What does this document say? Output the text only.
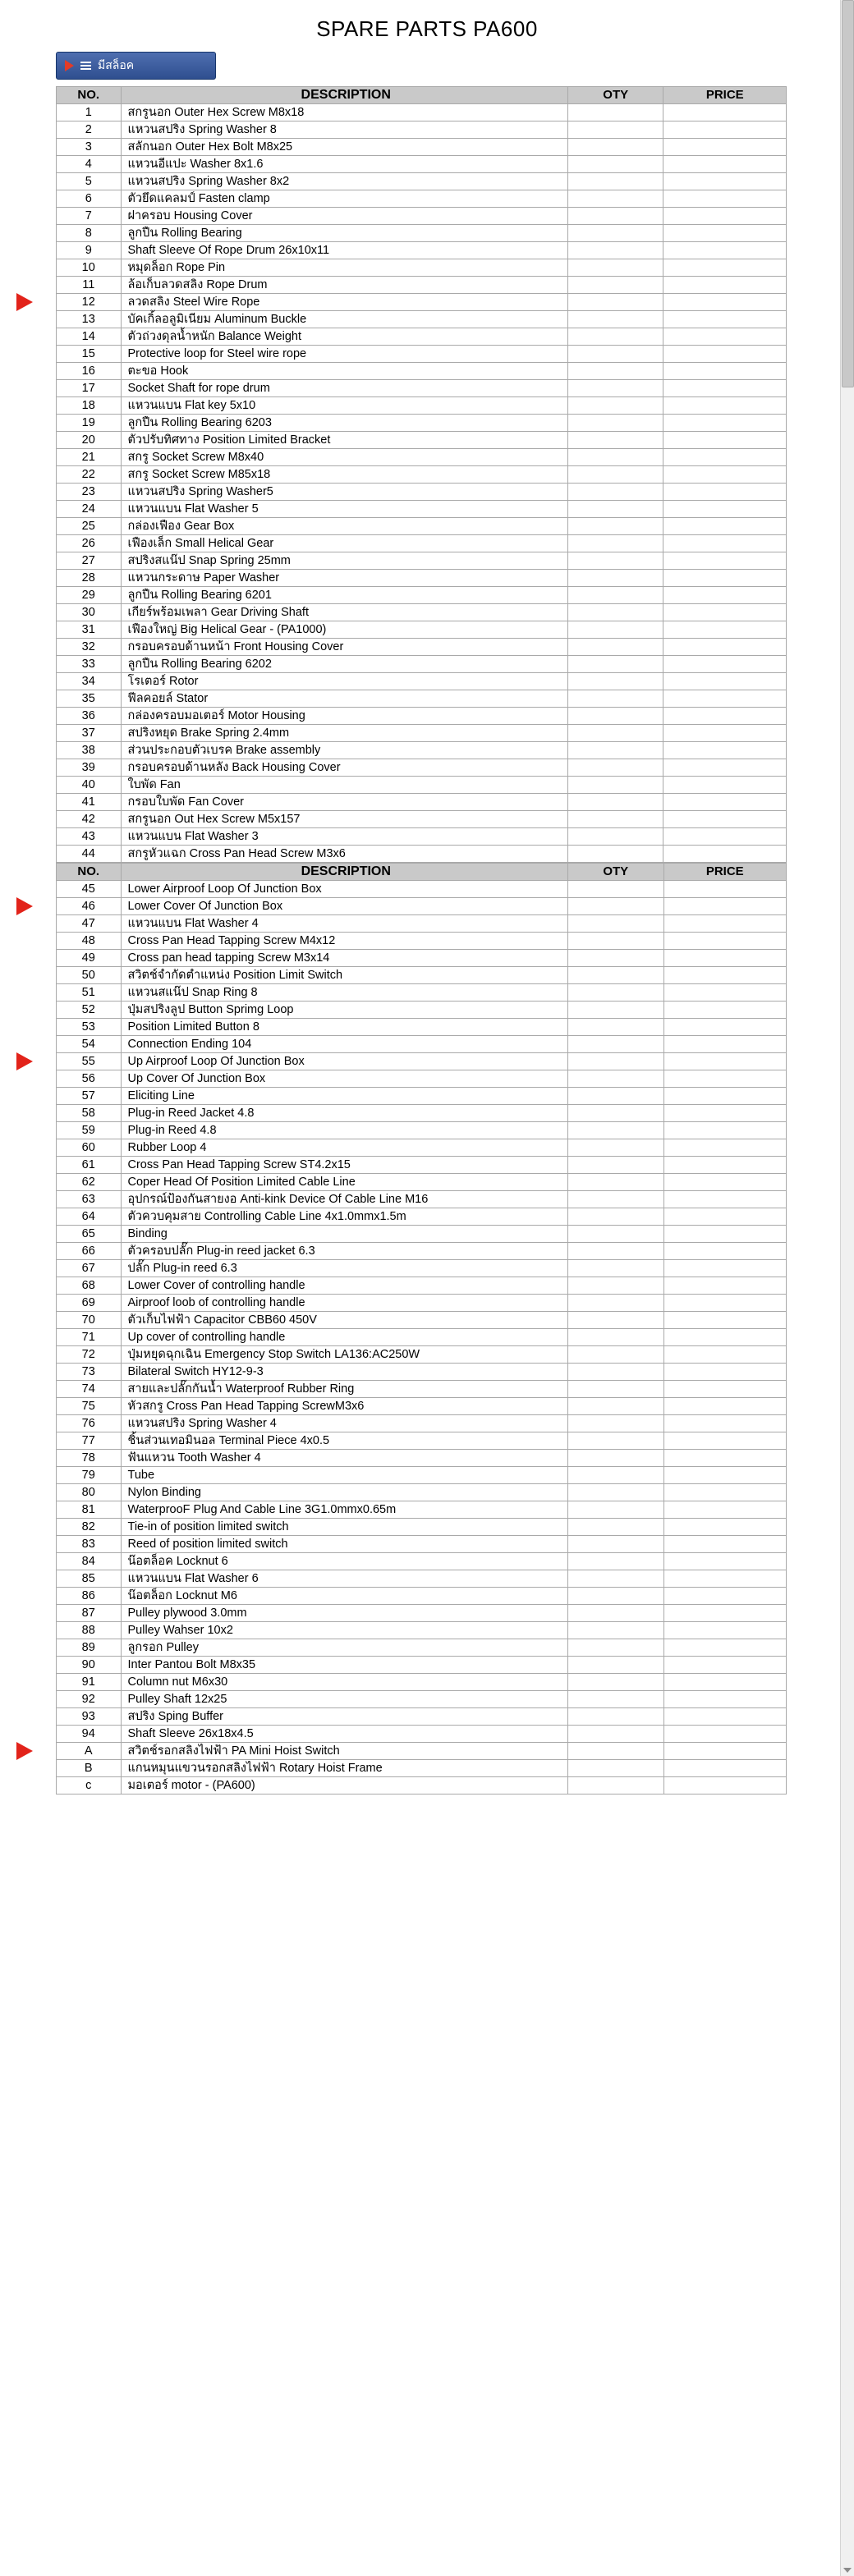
SPARE PARTS PA600
มีสล็อค
NO.	DESCRIPTION	OTY	PRICE
1	สกรูนอก Outer Hex Screw M8x18		
2	แหวนสปริง Spring Washer 8		
3	สลักนอก Outer Hex Bolt M8x25		
4	แหวนอีแปะ Washer 8x1.6		
5	แหวนสปริง Spring Washer 8x2		
6	ตัวยึดแคลมป์ Fasten clamp		
7	ฝาครอบ Housing Cover		
8	ลูกปืน Rolling Bearing		
9	Shaft Sleeve Of Rope Drum 26x10x11		
10	หมุดล็อก Rope Pin		
11	ล้อเก็บลวดสลิง Rope Drum		
12	ลวดสลิง Steel Wire Rope		
13	บัคเกิ้ลอลูมิเนียม Aluminum Buckle		
14	ตัวถ่วงดุลน้ำหนัก Balance Weight		
15	Protective loop for Steel wire rope		
16	ตะขอ Hook		
17	Socket Shaft for rope drum		
18	แหวนแบน Flat key 5x10		
19	ลูกปืน Rolling Bearing 6203		
20	ตัวปรับทิศทาง Position Limited Bracket		
21	สกรู Socket Screw M8x40		
22	สกรู Socket Screw M85x18		
23	แหวนสปริง Spring Washer5		
24	แหวนแบน Flat Washer 5		
25	กล่องเฟือง Gear Box		
26	เฟืองเล็ก Small Helical Gear		
27	สปริงสแน๊ป Snap Spring 25mm		
28	แหวนกระดาษ Paper Washer		
29	ลูกปืน Rolling Bearing 6201		
30	เกียร์พร้อมเพลา Gear Driving Shaft		
31	เฟืองใหญ่ Big Helical Gear - (PA1000)		
32	กรอบครอบด้านหน้า Front Housing Cover		
33	ลูกปืน Rolling Bearing 6202		
34	โรเตอร์ Rotor		
35	ฟีลคอยล์ Stator		
36	กล่องครอบมอเตอร์ Motor Housing		
37	สปริงหยุด Brake Spring 2.4mm		
38	ส่วนประกอบตัวเบรค Brake assembly		
39	กรอบครอบด้านหลัง Back Housing Cover		
40	ใบพัด Fan		
41	กรอบใบพัด Fan Cover		
42	สกรูนอก Out Hex Screw M5x157		
43	แหวนแบน Flat Washer 3		
44	สกรูหัวแฉก Cross Pan Head Screw M3x6		
NO.	DESCRIPTION	OTY	PRICE
45	Lower Airproof Loop Of Junction Box		
46	Lower Cover Of Junction Box		
47	แหวนแบน Flat Washer 4		
48	Cross Pan Head Tapping Screw M4x12		
49	Cross pan head tapping Screw M3x14		
50	สวิตช์จำกัดตำแหน่ง Position Limit Switch		
51	แหวนสแน๊ป Snap Ring 8		
52	ปุ่มสปริงลูป Button Sprimg Loop		
53	Position Limited Button 8		
54	Connection Ending 104		
55	Up Airproof Loop Of Junction Box		
56	Up Cover Of Junction Box		
57	Eliciting Line		
58	Plug-in Reed Jacket 4.8		
59	Plug-in Reed 4.8		
60	Rubber Loop 4		
61	Cross Pan Head Tapping Screw ST4.2x15		
62	Coper Head Of Position Limited Cable Line		
63	อุปกรณ์ป้องกันสายงอ Anti-kink Device Of Cable Line M16		
64	ตัวควบคุมสาย Controlling Cable Line 4x1.0mmx1.5m		
65	Binding		
66	ตัวครอบปลั๊ก Plug-in reed jacket 6.3		
67	ปลั๊ก Plug-in reed 6.3		
68	Lower Cover of controlling handle		
69	Airproof loob of controlling handle		
70	ตัวเก็บไฟฟ้า Capacitor CBB60 450V		
71	Up cover of controlling handle		
72	ปุ่มหยุดฉุกเฉิน Emergency Stop Switch LA136:AC250W		
73	Bilateral Switch HY12-9-3		
74	สายและปลั๊กกันน้ำ Waterproof Rubber Ring		
75	หัวสกรู Cross Pan Head Tapping ScrewM3x6		
76	แหวนสปริง Spring Washer 4		
77	ชิ้นส่วนเทอมินอล Terminal Piece 4x0.5		
78	ฟันแหวน Tooth Washer 4		
79	Tube		
80	Nylon Binding		
81	WaterprooF Plug And Cable Line 3G1.0mmx0.65m		
82	Tie-in of position limited switch		
83	Reed of position limited switch		
84	น๊อตล็อค Locknut 6		
85	แหวนแบน Flat Washer 6		
86	น๊อตล็อก Locknut M6		
87	Pulley plywood 3.0mm		
88	Pulley Wahser 10x2		
89	ลูกรอก Pulley		
90	Inter Pantou Bolt M8x35		
91	Column nut M6x30		
92	Pulley Shaft 12x25		
93	สปริง Sping Buffer		
94	Shaft Sleeve 26x18x4.5		
A	สวิตช์รอกสลิงไฟฟ้า PA Mini Hoist Switch		
B	แกนหมุนแขวนรอกสลิงไฟฟ้า Rotary Hoist Frame		
c	มอเตอร์ motor - (PA600)		
